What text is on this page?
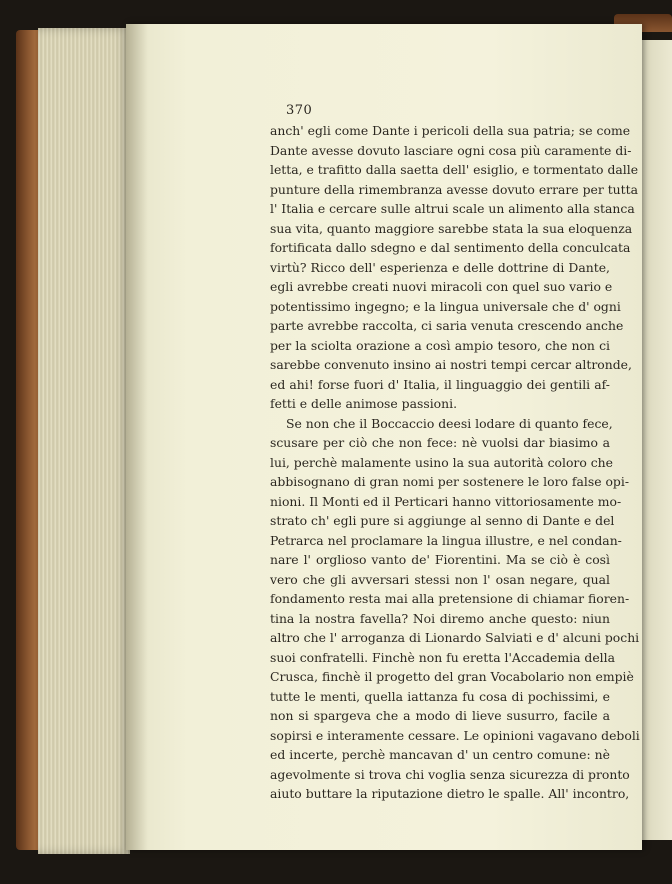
370
anch' egli come Dante i pericoli della sua patria; se come
Dante avesse dovuto lasciare ogni cosa più caramente di-
letta, e trafitto dalla saetta dell' esiglio, e tormentato dalle
punture della rimembranza avesse dovuto errare per tutta
l' Italia e cercare sulle altrui scale un alimento alla stanca
sua vita, quanto maggiore sarebbe stata la sua eloquenza
fortificata dallo sdegno e dal sentimento della conculcata
virtù? Ricco dell' esperienza e delle dottrine di Dante,
egli avrebbe creati nuovi miracoli con quel suo vario e
potentissimo ingegno; e la lingua universale che d' ogni
parte avrebbe raccolta, ci saria venuta crescendo anche
per la sciolta orazione a così ampio tesoro, che non ci
sarebbe convenuto insino ai nostri tempi cercar altronde,
ed ahi! forse fuori d' Italia, il linguaggio dei gentili af-
fetti e delle animose passioni.
Se non che il Boccaccio deesi lodare di quanto fece,
scusare per ciò che non fece: nè vuolsi dar biasimo a
lui, perchè malamente usino la sua autorità coloro che
abbisognano di gran nomi per sostenere le loro false opi-
nioni. Il Monti ed il Perticari hanno vittoriosamente mo-
strato ch' egli pure si aggiunge al senno di Dante e del
Petrarca nel proclamare la lingua illustre, e nel condan-
nare l' orglioso vanto de' Fiorentini. Ma se ciò è così
vero che gli avversari stessi non l' osan negare, qual
fondamento resta mai alla pretensione di chiamar fioren-
tina la nostra favella? Noi diremo anche questo: niun
altro che l' arroganza di Lionardo Salviati e d' alcuni pochi
suoi confratelli. Finchè non fu eretta l'Accademia della
Crusca, finchè il progetto del gran Vocabolario non empiè
tutte le menti, quella iattanza fu cosa di pochissimi, e
non si spargeva che a modo di lieve susurro, facile a
sopirsi e interamente cessare. Le opinioni vagavano deboli
ed incerte, perchè mancavan d' un centro comune: nè
agevolmente si trova chi voglia senza sicurezza di pronto
aiuto buttare la riputazione dietro le spalle. All' incontro,
